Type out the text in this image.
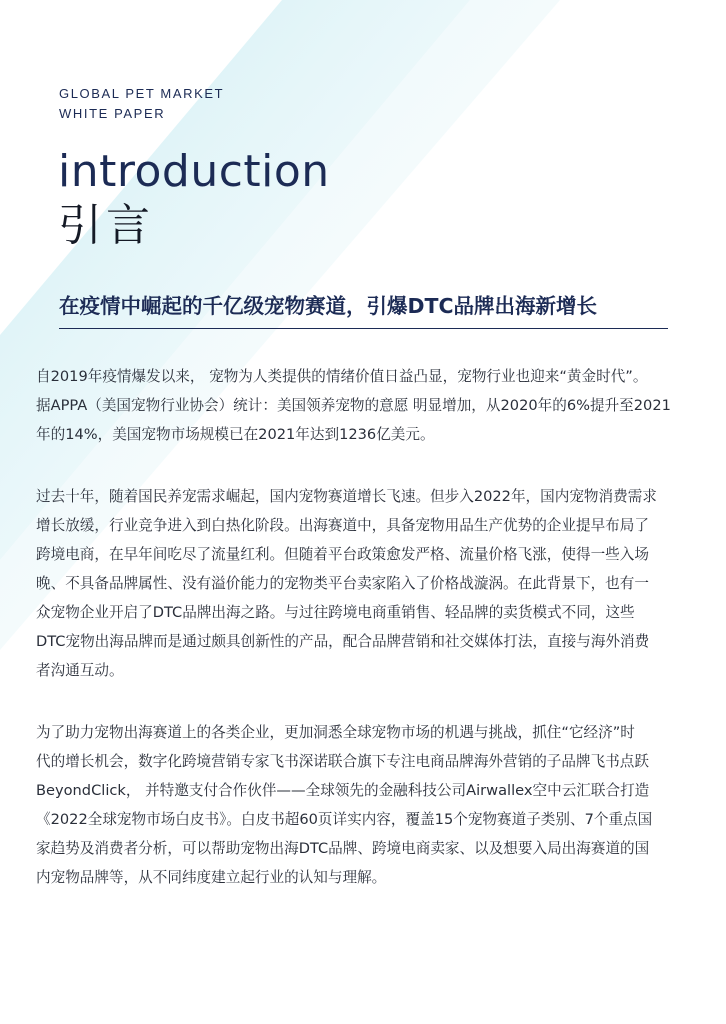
GLOBAL PET MARKET
WHITE PAPER
introduction
引言
在疫情中崛起的千亿级宠物赛道，引爆DTC品牌出海新增长

自2019年疫情爆发以来， 宠物为人类提供的情绪价值日益凸显，宠物行业也迎来“黄金时代”。
据APPA（美国宠物行业协会）统计：美国领养宠物的意愿 明显增加，从2020年的6%提升至2021
年的14%，美国宠物市场规模已在2021年达到1236亿美元。

过去十年，随着国民养宠需求崛起，国内宠物赛道增长飞速。但步入2022年，国内宠物消费需求
增长放缓，行业竞争进入到白热化阶段。出海赛道中，具备宠物用品生产优势的企业提早布局了
跨境电商，在早年间吃尽了流量红利。但随着平台政策愈发严格、流量价格飞涨，使得一些入场
晚、不具备品牌属性、没有溢价能力的宠物类平台卖家陷入了价格战漩涡。在此背景下，也有一
众宠物企业开启了DTC品牌出海之路。与过往跨境电商重销售、轻品牌的卖货模式不同，这些
DTC宠物出海品牌而是通过颇具创新性的产品，配合品牌营销和社交媒体打法，直接与海外消费
者沟通互动。

为了助力宠物出海赛道上的各类企业，更加洞悉全球宠物市场的机遇与挑战，抓住“它经济”时
代的增长机会，数字化跨境营销专家飞书深诺联合旗下专注电商品牌海外营销的子品牌飞书点跃
BeyondClick， 并特邀支付合作伙伴——全球领先的金融科技公司Airwallex空中云汇联合打造
《2022全球宠物市场白皮书》。白皮书超60页详实内容，覆盖15个宠物赛道子类别、7个重点国
家趋势及消费者分析，可以帮助宠物出海DTC品牌、跨境电商卖家、以及想要入局出海赛道的国
内宠物品牌等，从不同纬度建立起行业的认知与理解。
